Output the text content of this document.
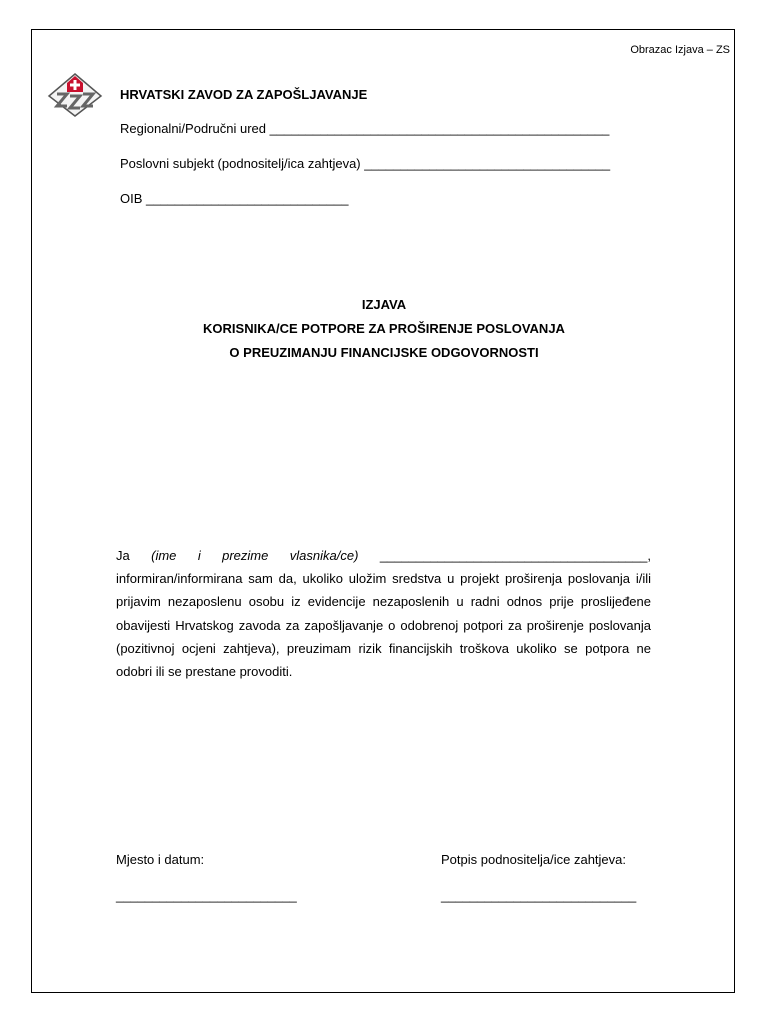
Obrazac Izjava – ZS
HRVATSKI ZAVOD ZA ZAPOŠLJAVANJE
Regionalni/Područni ured _______________________________________________
Poslovni subjekt (podnositelj/ica zahtjeva) __________________________________
OIB ____________________________
IZJAVA
KORISNIKA/CE POTPORE ZA PROŠIRENJE POSLOVANJA
O PREUZIMANJU FINANCIJSKE ODGOVORNOSTI
Ja (ime i prezime vlasnika/ce) _____________________________________,
informiran/informirana sam da, ukoliko uložim sredstva u projekt proširenja poslovanja i/ili prijavim nezaposlenu osobu iz evidencije nezaposlenih u radni odnos prije proslijeđene obavijesti Hrvatskog zavoda za zapošljavanje o odobrenoj potpori za proširenje poslovanja (pozitivnoj ocjeni zahtjeva), preuzimam rizik financijskih troškova ukoliko se potpora ne odobri ili se prestane provoditi.
Mjesto i datum:
_________________________
Potpis podnositelja/ice zahtjeva:
___________________________
